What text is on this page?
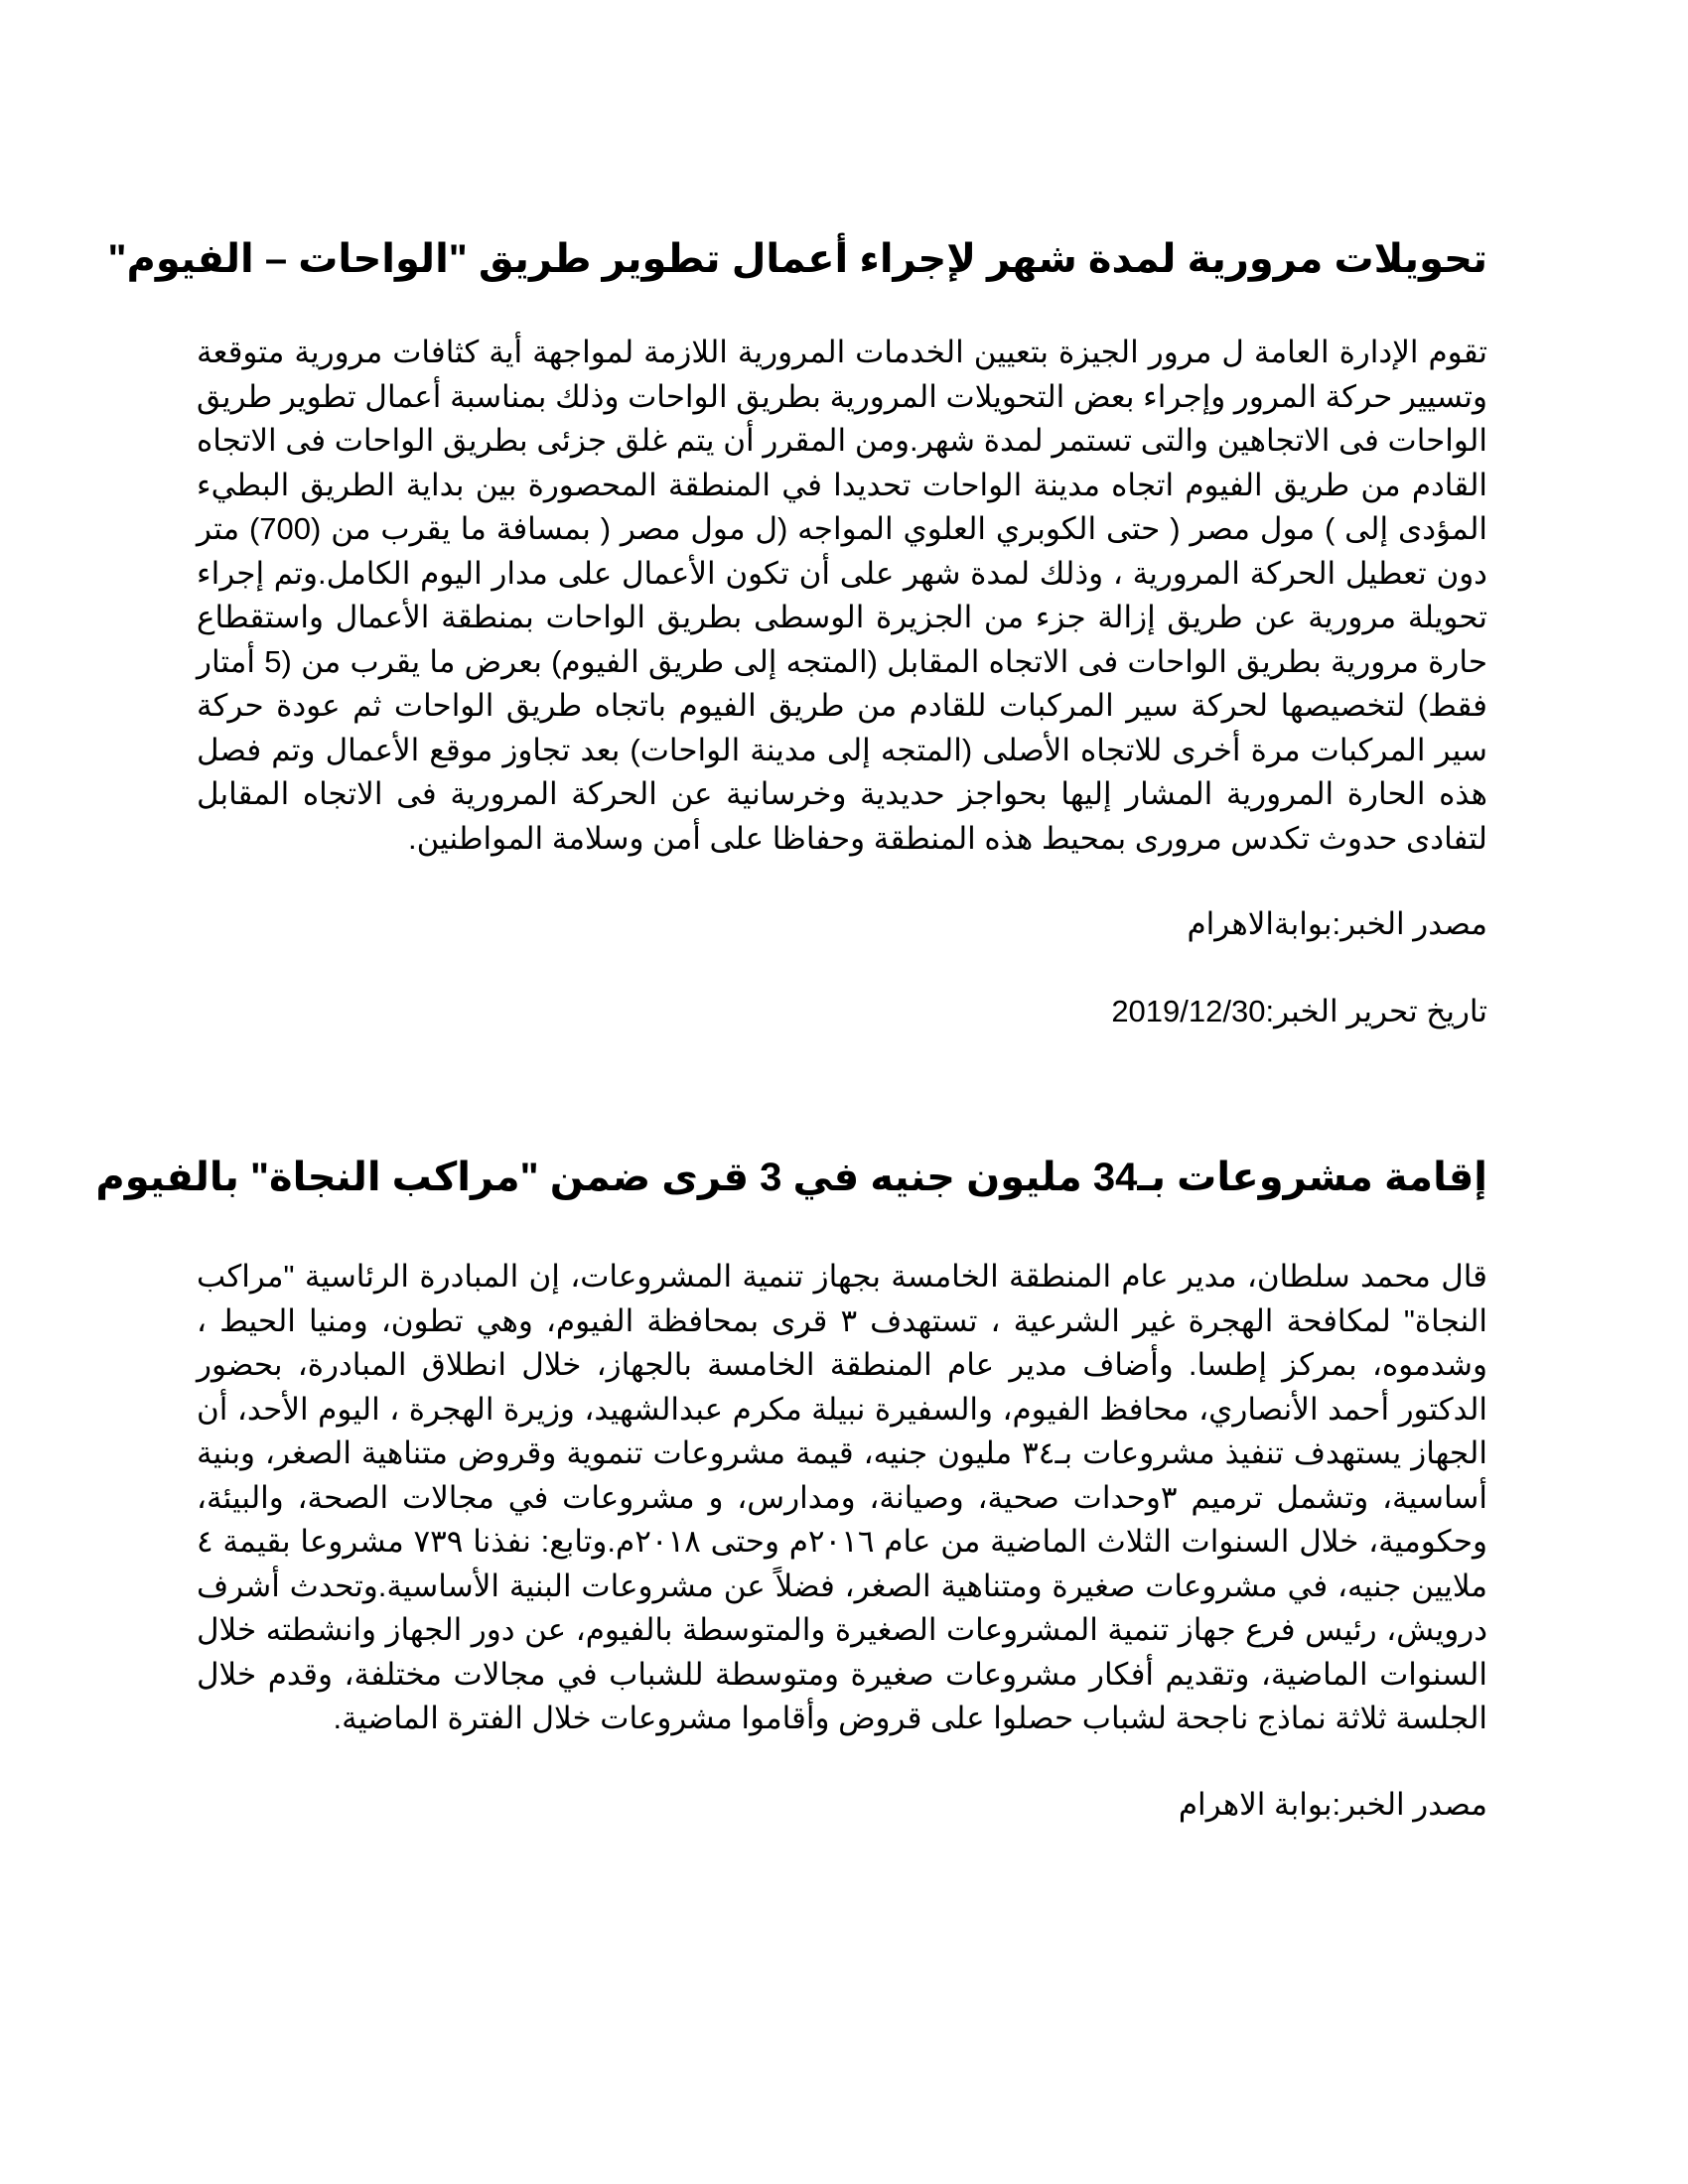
تحويلات مرورية لمدة شهر لإجراء أعمال تطوير طريق "الواحات – الفيوم"

تقوم الإدارة العامة ل مرور الجيزة بتعيين الخدمات المرورية اللازمة لمواجهة أية كثافات مرورية متوقعة وتسيير حركة المرور وإجراء بعض التحويلات المرورية بطريق الواحات وذلك بمناسبة أعمال تطوير طريق الواحات فى الاتجاهين والتى تستمر لمدة شهر.ومن المقرر أن يتم غلق جزئى بطريق الواحات فى الاتجاه القادم من طريق الفيوم اتجاه مدينة الواحات تحديدا في المنطقة المحصورة بين بداية الطريق البطيء المؤدى إلى ) مول مصر ( حتى الكوبري العلوي المواجه (ل مول مصر ( بمسافة ما يقرب من (700) متر دون تعطيل الحركة المرورية ، وذلك لمدة شهر على أن تكون الأعمال على مدار اليوم الكامل.وتم إجراء تحويلة مرورية عن طريق إزالة جزء من الجزيرة الوسطى بطريق الواحات بمنطقة الأعمال واستقطاع حارة مرورية بطريق الواحات فى الاتجاه المقابل (المتجه إلى طريق الفيوم) بعرض ما يقرب من (5 أمتار فقط) لتخصيصها لحركة سير المركبات للقادم من طريق الفيوم باتجاه طريق الواحات ثم عودة حركة سير المركبات مرة أخرى للاتجاه الأصلى (المتجه إلى مدينة الواحات) بعد تجاوز موقع الأعمال وتم فصل هذه الحارة المرورية المشار إليها بحواجز حديدية وخرسانية عن الحركة المرورية فى الاتجاه المقابل لتفادى حدوث تكدس مرورى بمحيط هذه المنطقة وحفاظا على أمن وسلامة المواطنين.

مصدر الخبر:بوابةالاهرام

تاريخ تحرير الخبر:2019/12/30

إقامة مشروعات بـ34 مليون جنيه في 3 قرى ضمن "مراكب النجاة" بالفيوم

قال محمد سلطان، مدير عام المنطقة الخامسة بجهاز تنمية المشروعات، إن المبادرة الرئاسية "مراكب النجاة" لمكافحة الهجرة غير الشرعية ، تستهدف ٣ قرى بمحافظة الفيوم، وهي تطون، ومنيا الحيط ، وشدموه، بمركز إطسا. وأضاف مدير عام المنطقة الخامسة بالجهاز، خلال انطلاق المبادرة، بحضور الدكتور أحمد الأنصاري، محافظ الفيوم، والسفيرة نبيلة مكرم عبدالشهيد، وزيرة الهجرة ، اليوم الأحد، أن الجهاز يستهدف تنفيذ مشروعات بـ٣٤ مليون جنيه، قيمة مشروعات تنموية وقروض متناهية الصغر، وبنية أساسية، وتشمل ترميم ٣وحدات صحية، وصيانة، ومدارس، و مشروعات في مجالات الصحة، والبيئة، وحكومية، خلال السنوات الثلاث الماضية من عام ٢٠١٦م وحتى ٢٠١٨م.وتابع: نفذنا ٧٣٩ مشروعا بقيمة ٤ ملايين جنيه، في مشروعات صغيرة ومتناهية الصغر، فضلاً عن مشروعات البنية الأساسية.وتحدث أشرف درويش، رئيس فرع جهاز تنمية المشروعات الصغيرة والمتوسطة بالفيوم، عن دور الجهاز وانشطته خلال السنوات الماضية، وتقديم أفكار مشروعات صغيرة ومتوسطة للشباب في مجالات مختلفة، وقدم خلال الجلسة ثلاثة نماذج ناجحة لشباب حصلوا على قروض وأقاموا مشروعات خلال الفترة الماضية.

مصدر الخبر:بوابة الاهرام
